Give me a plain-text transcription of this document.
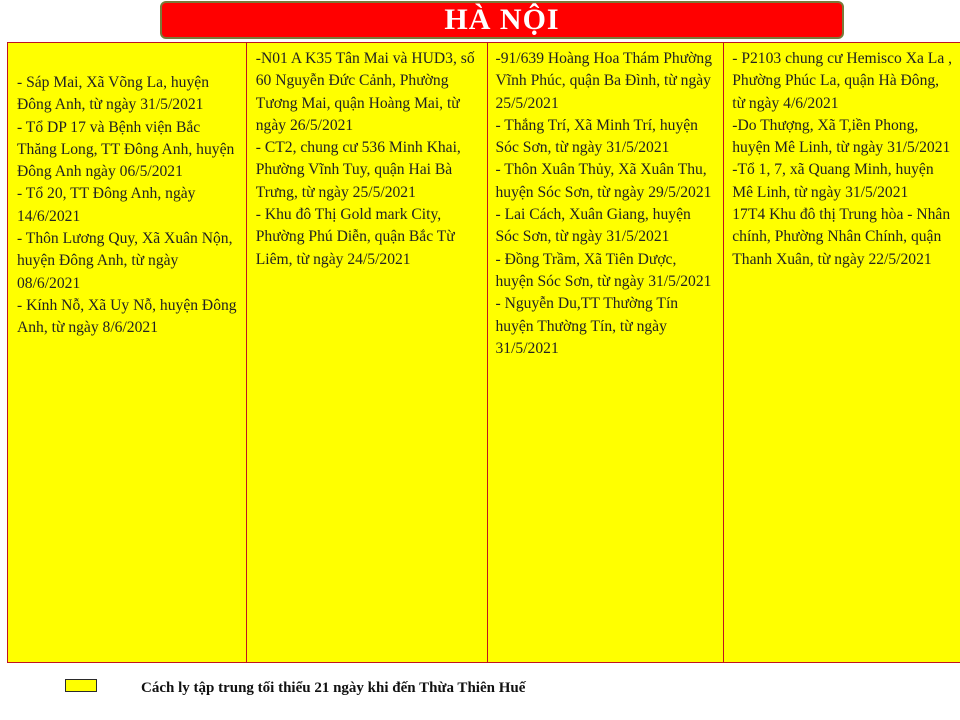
HÀ NỘI

- Sáp Mai, Xã Võng La, huyện Đông Anh, từ ngày 31/5/2021

- Tổ DP 17 và Bệnh viện Bắc Thăng Long, TT Đông Anh, huyện Đông Anh ngày 06/5/2021

- Tổ 20, TT Đông Anh, ngày 14/6/2021

- Thôn Lương Quy, Xã Xuân Nộn, huyện Đông Anh, từ ngày 08/6/2021

- Kính Nỗ, Xã Uy Nỗ, huyện Đông Anh, từ ngày 8/6/2021

-N01 A K35 Tân Mai và HUD3, số 60 Nguyễn Đức Cảnh, Phường Tương Mai, quận Hoàng Mai, từ ngày 26/5/2021

- CT2, chung cư 536 Minh Khai, Phường Vĩnh Tuy, quận Hai Bà Trưng, từ ngày 25/5/2021

- Khu đô Thị Gold mark City, Phường Phú Diễn, quận Bắc Từ Liêm, từ ngày 24/5/2021

-91/639 Hoàng Hoa Thám Phường Vĩnh Phúc, quận Ba Đình, từ ngày 25/5/2021

- Thắng Trí, Xã Minh Trí, huyện Sóc Sơn, từ ngày 31/5/2021

- Thôn Xuân Thủy, Xã Xuân Thu, huyện Sóc Sơn, từ ngày 29/5/2021

- Lai Cách, Xuân Giang, huyện Sóc Sơn, từ ngày 31/5/2021

- Đồng Trầm, Xã Tiên Dược, huyện Sóc Sơn, từ ngày 31/5/2021

- Nguyễn Du,TT Thường Tín huyện Thường Tín, từ ngày 31/5/2021

- P2103 chung cư Hemisco Xa La , Phường Phúc La, quận Hà Đông, từ ngày 4/6/2021

-Do Thượng, Xã T,iền Phong, huyện Mê Linh, từ ngày 31/5/2021

-Tổ 1, 7, xã Quang Minh, huyện Mê Linh, từ ngày 31/5/2021

17T4 Khu đô thị Trung hòa - Nhân chính, Phường Nhân Chính, quận Thanh Xuân, từ ngày 22/5/2021

Cách ly tập trung tối thiểu 21 ngày khi đến Thừa Thiên Huế
